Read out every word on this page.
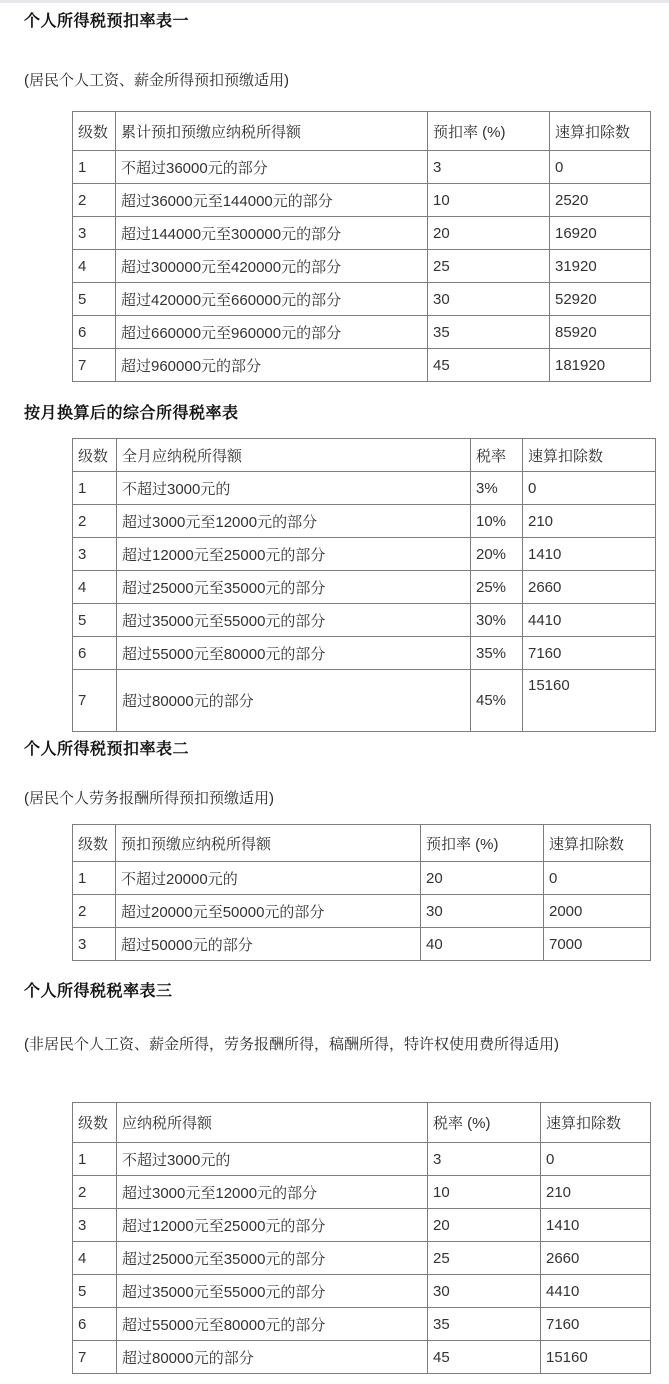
个人所得税预扣率表一

(居民个人工资、薪金所得预扣预缴适用)

级数	累计预扣预缴应纳税所得额	预扣率 (%)	速算扣除数
1	不超过36000元的部分	3	0
2	超过36000元至144000元的部分	10	2520
3	超过144000元至300000元的部分	20	16920
4	超过300000元至420000元的部分	25	31920
5	超过420000元至660000元的部分	30	52920
6	超过660000元至960000元的部分	35	85920
7	超过960000元的部分	45	181920
按月换算后的综合所得税率表
级数	全月应纳税所得额	税率	速算扣除数
1	不超过3000元的	3%	0
2	超过3000元至12000元的部分	10%	210
3	超过12000元至25000元的部分	20%	1410
4	超过25000元至35000元的部分	25%	2660
5	超过35000元至55000元的部分	30%	4410
6	超过55000元至80000元的部分	35%	7160
7	超过80000元的部分	45%	15160
个人所得税预扣率表二

(居民个人劳务报酬所得预扣预缴适用)

级数	预扣预缴应纳税所得额	预扣率 (%)	速算扣除数
1	不超过20000元的	20	0
2	超过20000元至50000元的部分	30	2000
3	超过50000元的部分	40	7000
个人所得税税率表三

(非居民个人工资、薪金所得，劳务报酬所得，稿酬所得，特许权使用费所得适用)

级数	应纳税所得额	税率 (%)	速算扣除数
1	不超过3000元的	3	0
2	超过3000元至12000元的部分	10	210
3	超过12000元至25000元的部分	20	1410
4	超过25000元至35000元的部分	25	2660
5	超过35000元至55000元的部分	30	4410
6	超过55000元至80000元的部分	35	7160
7	超过80000元的部分	45	15160
